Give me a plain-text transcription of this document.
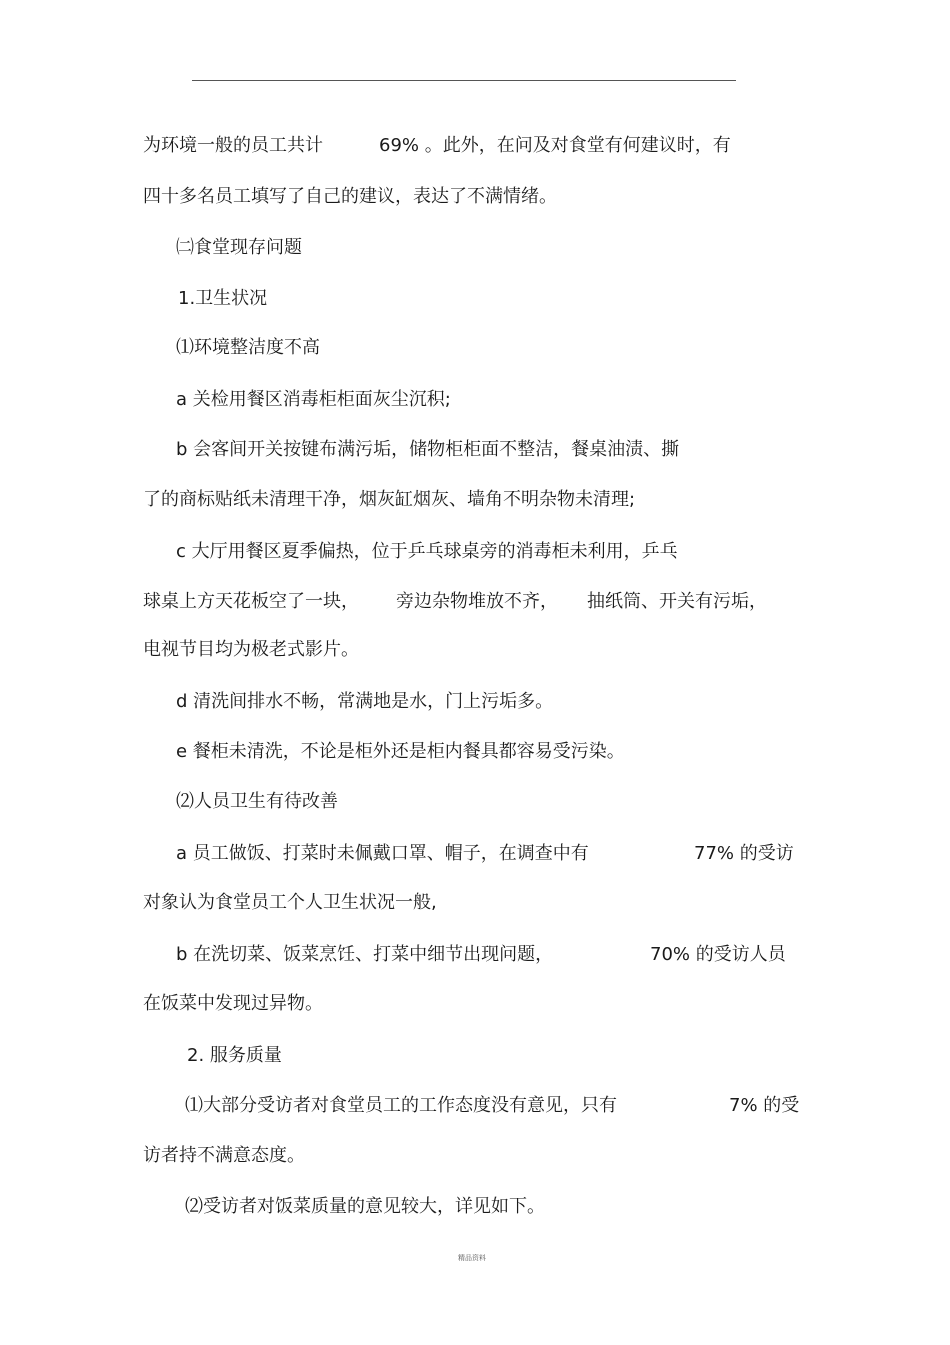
为环境一般的员工共计	69% 。此外，在问及对食堂有何建议时，有
四十多名员工填写了自己的建议，表达了不满情绪。
㈡食堂现存问题
1.卫生状况
⑴环境整洁度不高
a 关检用餐区消毒柜柜面灰尘沉积;
b 会客间开关按键布满污垢，储物柜柜面不整洁，餐桌油渍、撕
了的商标贴纸未清理干净，烟灰缸烟灰、墙角不明杂物未清理;
c 大厅用餐区夏季偏热，位于乒乓球桌旁的消毒柜未利用，乒乓
球桌上方天花板空了一块， 旁边杂物堆放不齐， 抽纸筒、开关有污垢，
电视节目均为极老式影片。
d 清洗间排水不畅，常满地是水，门上污垢多。
e 餐柜未清洗，不论是柜外还是柜内餐具都容易受污染。
⑵人员卫生有待改善
a 员工做饭、打菜时未佩戴口罩、帽子，在调查中有	77% 的受访
对象认为食堂员工个人卫生状况一般,
b 在洗切菜、饭菜烹饪、打菜中细节出现问题，	70% 的受访人员
在饭菜中发现过异物。
2. 服务质量
⑴大部分受访者对食堂员工的工作态度没有意见，只有	7% 的受
访者持不满意态度。
⑵受访者对饭菜质量的意见较大，详见如下。
精品资料
